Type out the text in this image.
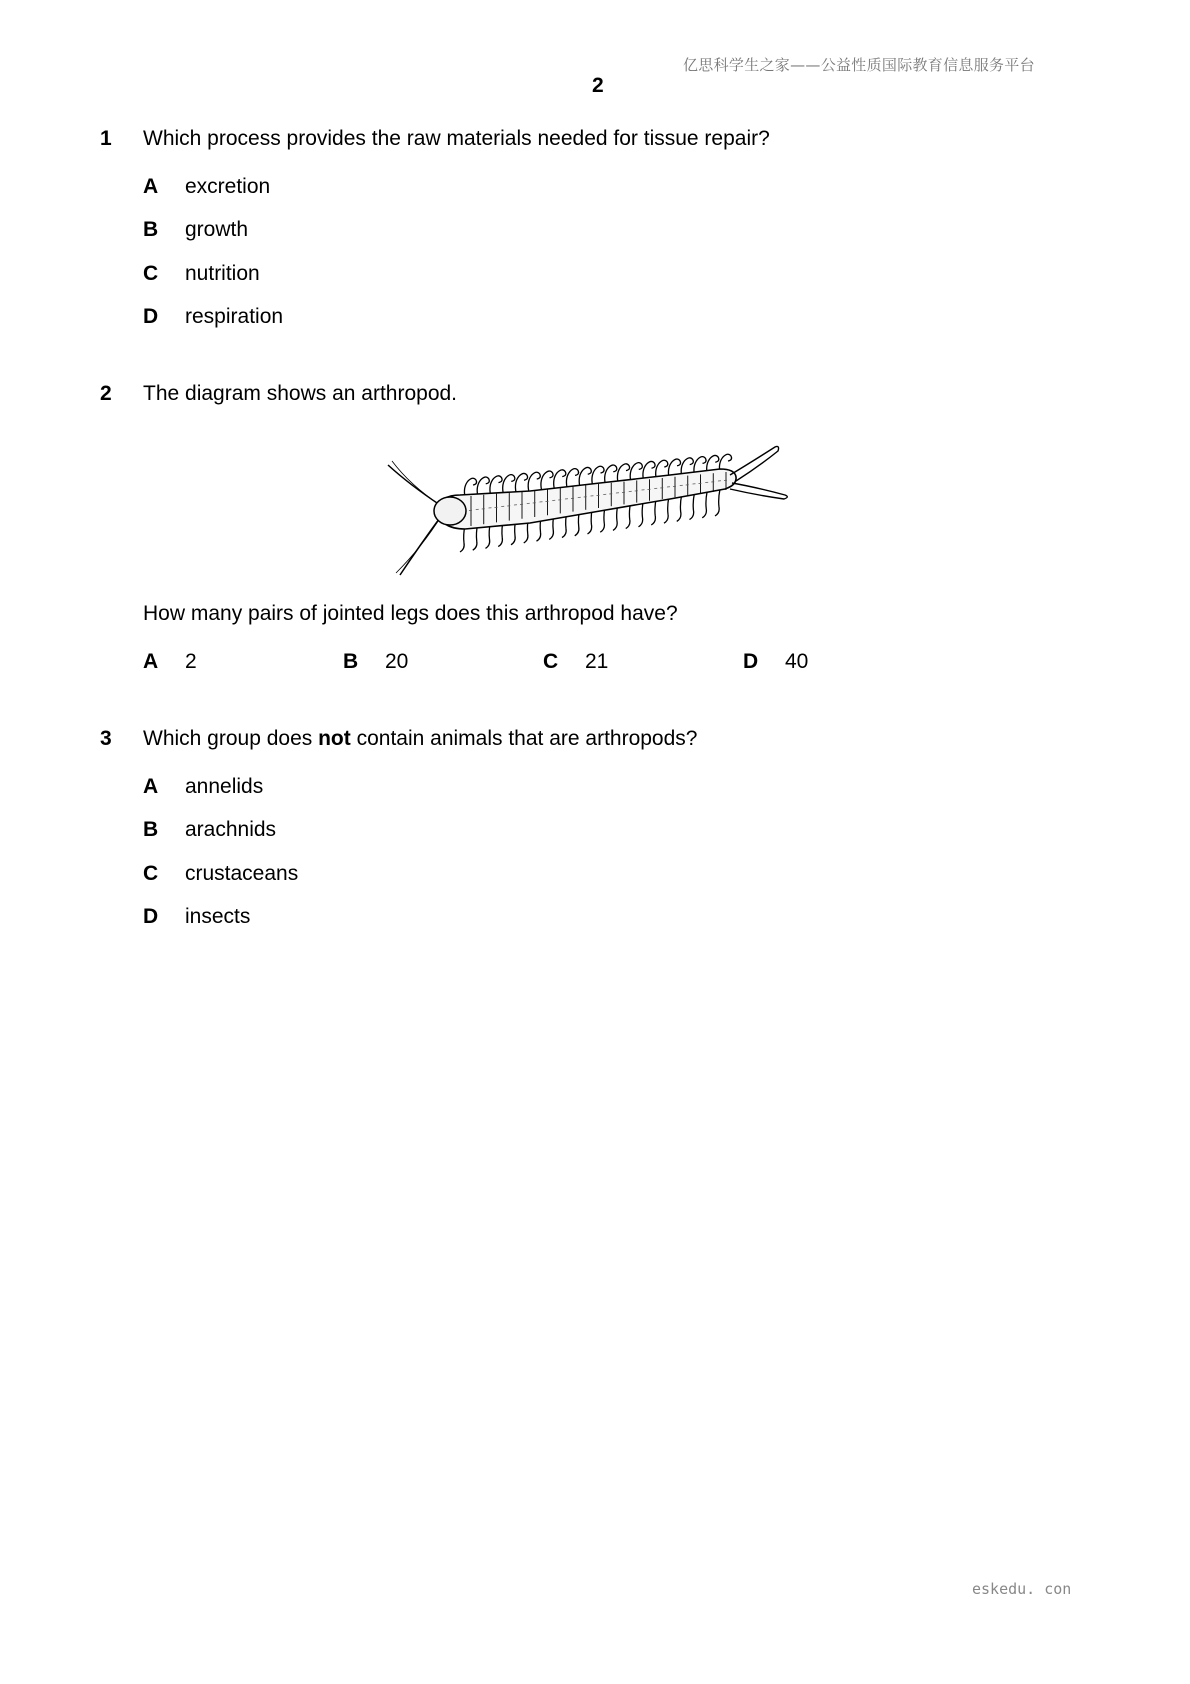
亿思科学生之家——公益性质国际教育信息服务平台
2
1 Which process provides the raw materials needed for tissue repair?
A excretion
B growth
C nutrition
D respiration
2 The diagram shows an arthropod.
How many pairs of jointed legs does this arthropod have?
A 2	B 20	C 21	D 40
3 Which group does not contain animals that are arthropods?
A annelids
B arachnids
C crustaceans
D insects
eskedu. con
